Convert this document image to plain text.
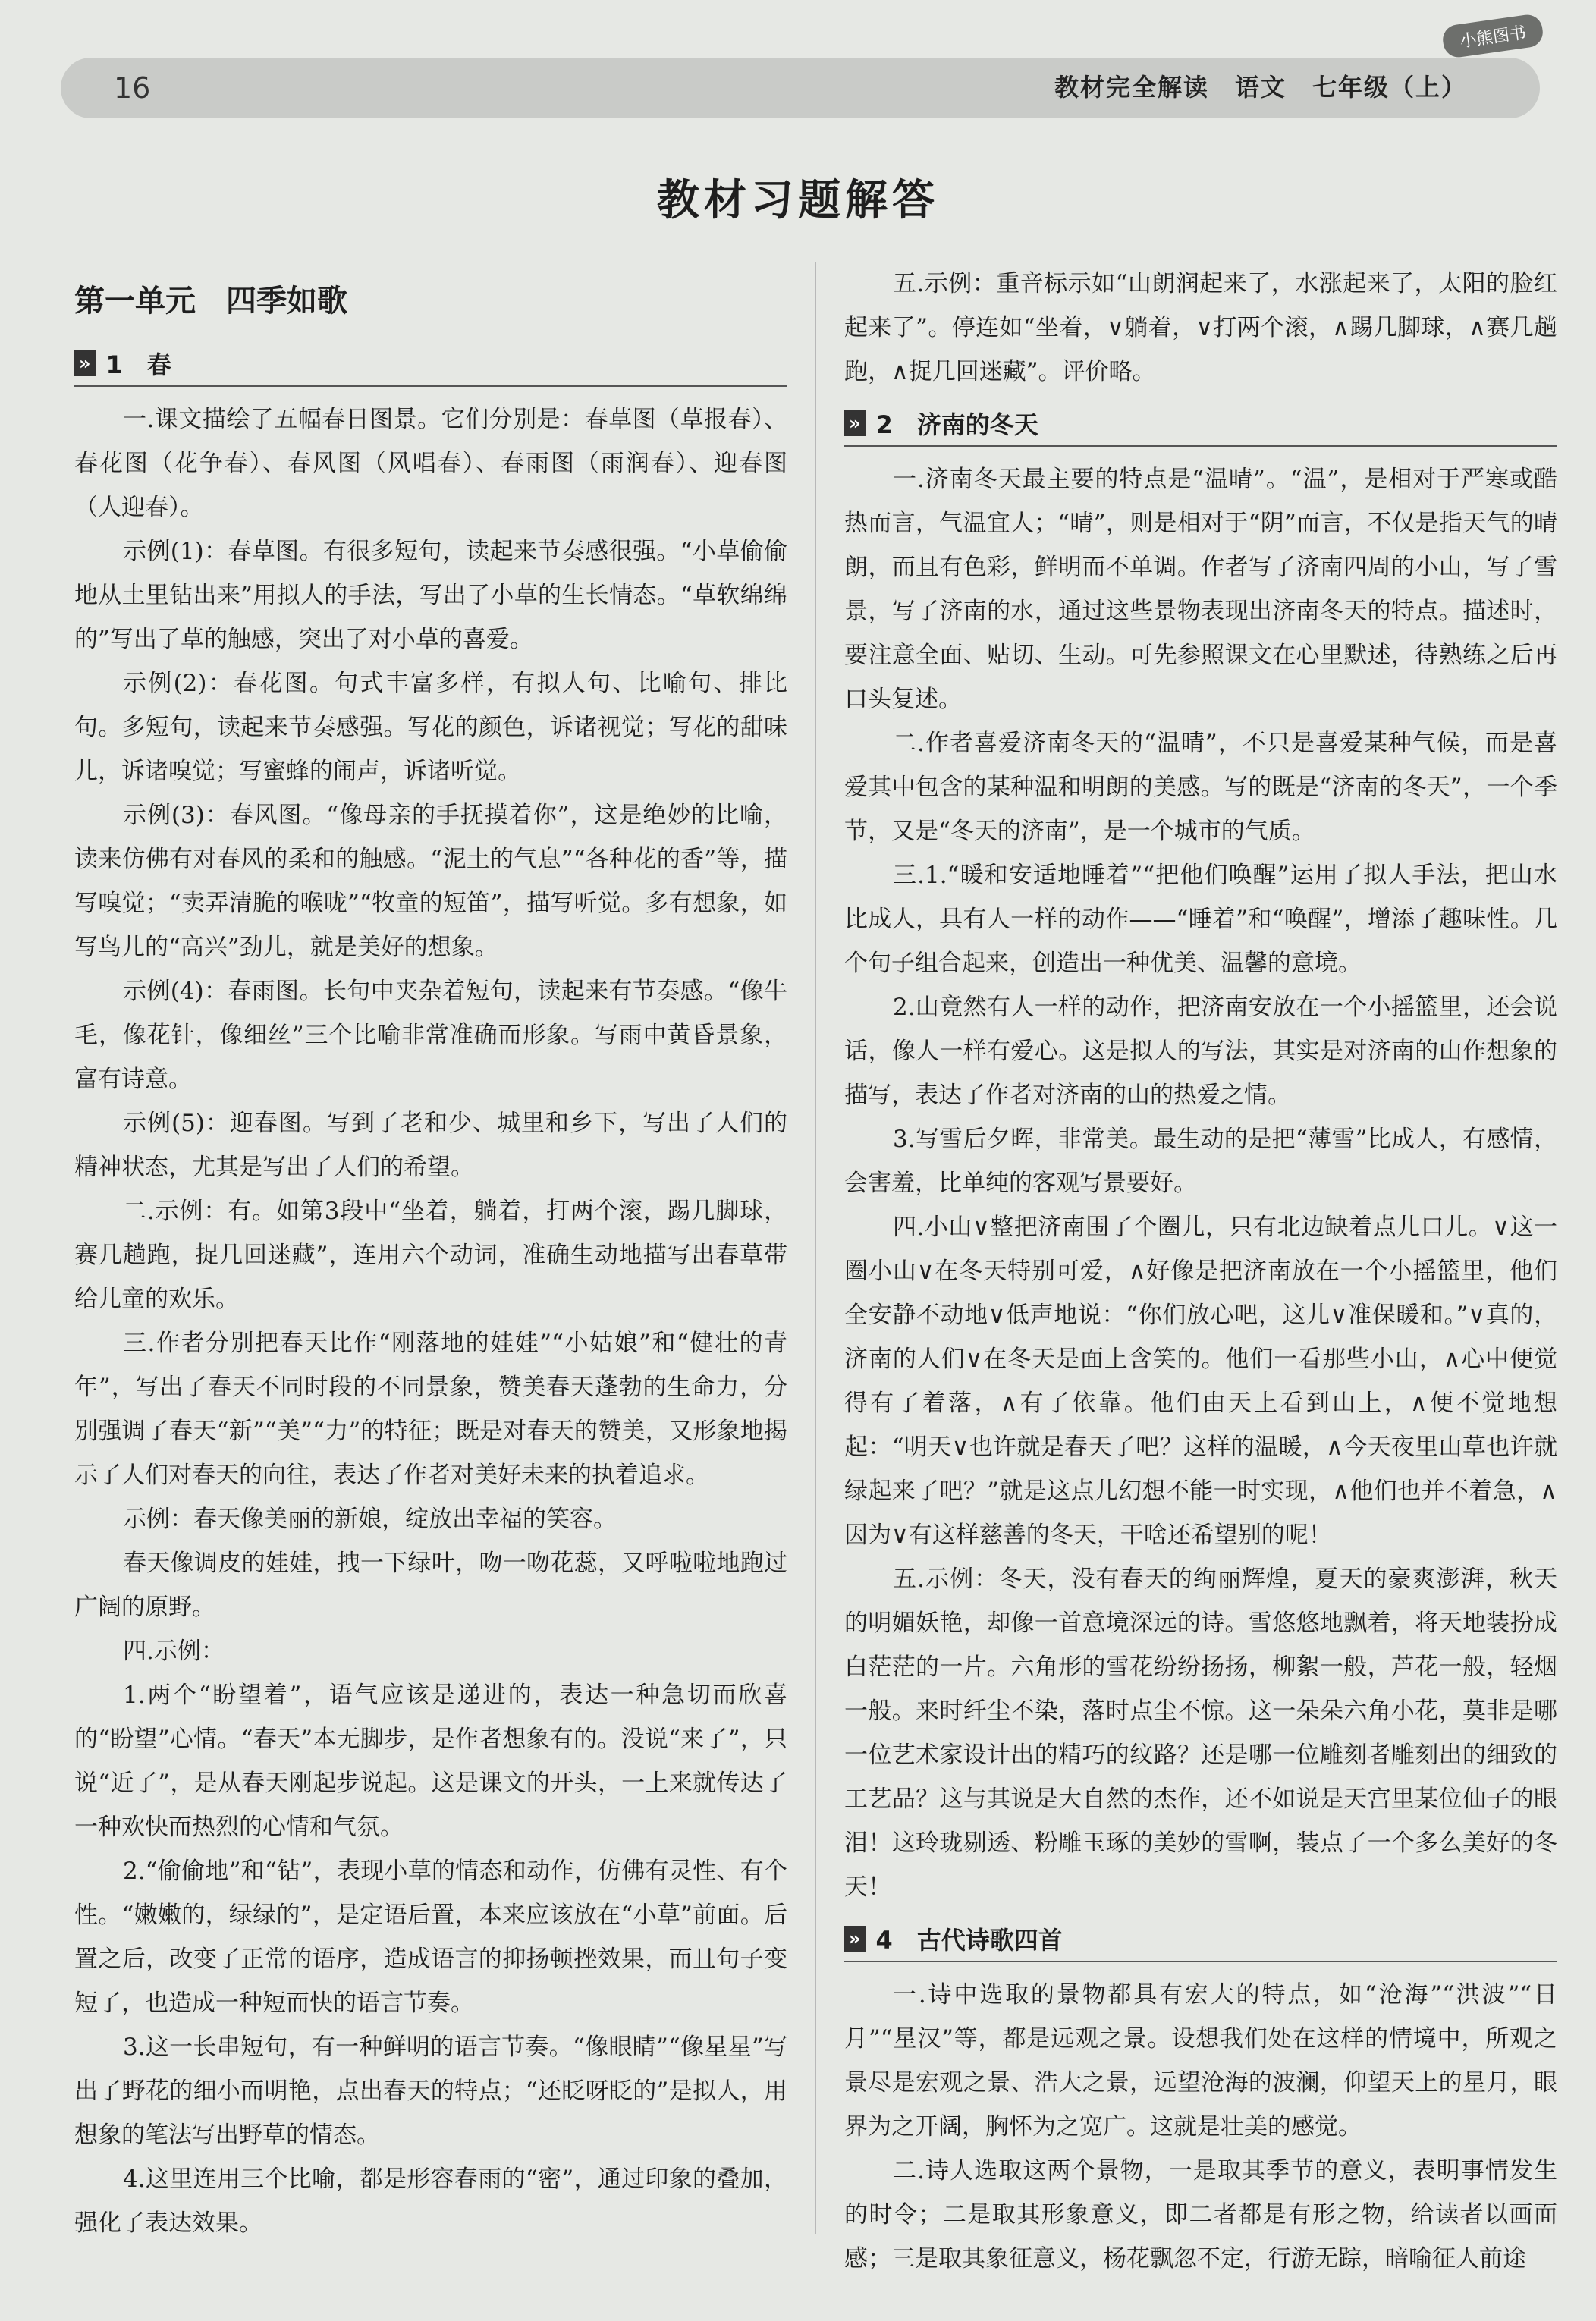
16	教材完全解读　语文　七年级（上）
小熊图书
教材习题解答
第一单元　四季如歌
» 1　春

一.课文描绘了五幅春日图景。它们分别是：春草图（草报春）、春花图（花争春）、春风图（风唱春）、春雨图（雨润春）、迎春图（人迎春）。

示例(1)：春草图。有很多短句，读起来节奏感很强。“小草偷偷地从土里钻出来”用拟人的手法，写出了小草的生长情态。“草软绵绵的”写出了草的触感，突出了对小草的喜爱。

示例(2)：春花图。句式丰富多样，有拟人句、比喻句、排比句。多短句，读起来节奏感强。写花的颜色，诉诸视觉；写花的甜味儿，诉诸嗅觉；写蜜蜂的闹声，诉诸听觉。

示例(3)：春风图。“像母亲的手抚摸着你”，这是绝妙的比喻，读来仿佛有对春风的柔和的触感。“泥土的气息”“各种花的香”等，描写嗅觉；“卖弄清脆的喉咙”“牧童的短笛”，描写听觉。多有想象，如写鸟儿的“高兴”劲儿，就是美好的想象。

示例(4)：春雨图。长句中夹杂着短句，读起来有节奏感。“像牛毛，像花针，像细丝”三个比喻非常准确而形象。写雨中黄昏景象，富有诗意。

示例(5)：迎春图。写到了老和少、城里和乡下，写出了人们的精神状态，尤其是写出了人们的希望。

二.示例：有。如第3段中“坐着，躺着，打两个滚，踢几脚球，赛几趟跑，捉几回迷藏”，连用六个动词，准确生动地描写出春草带给儿童的欢乐。

三.作者分别把春天比作“刚落地的娃娃”“小姑娘”和“健壮的青年”，写出了春天不同时段的不同景象，赞美春天蓬勃的生命力，分别强调了春天“新”“美”“力”的特征；既是对春天的赞美，又形象地揭示了人们对春天的向往，表达了作者对美好未来的执着追求。

示例：春天像美丽的新娘，绽放出幸福的笑容。

春天像调皮的娃娃，拽一下绿叶，吻一吻花蕊，又呼啦啦地跑过广阔的原野。

四.示例：

1.两个“盼望着”，语气应该是递进的，表达一种急切而欣喜的“盼望”心情。“春天”本无脚步，是作者想象有的。没说“来了”，只说“近了”，是从春天刚起步说起。这是课文的开头，一上来就传达了一种欢快而热烈的心情和气氛。

2.“偷偷地”和“钻”，表现小草的情态和动作，仿佛有灵性、有个性。“嫩嫩的，绿绿的”，是定语后置，本来应该放在“小草”前面。后置之后，改变了正常的语序，造成语言的抑扬顿挫效果，而且句子变短了，也造成一种短而快的语言节奏。

3.这一长串短句，有一种鲜明的语言节奏。“像眼睛”“像星星”写出了野花的细小而明艳，点出春天的特点；“还眨呀眨的”是拟人，用想象的笔法写出野草的情态。

4.这里连用三个比喻，都是形容春雨的“密”，通过印象的叠加，强化了表达效果。

五.示例：重音标示如“山朗润起来了，水涨起来了，太阳的脸红起来了”。停连如“坐着，∨躺着，∨打两个滚，∧踢几脚球，∧赛几趟跑，∧捉几回迷藏”。评价略。

» 2　济南的冬天

一.济南冬天最主要的特点是“温晴”。“温”，是相对于严寒或酷热而言，气温宜人；“晴”，则是相对于“阴”而言，不仅是指天气的晴朗，而且有色彩，鲜明而不单调。作者写了济南四周的小山，写了雪景，写了济南的水，通过这些景物表现出济南冬天的特点。描述时，要注意全面、贴切、生动。可先参照课文在心里默述，待熟练之后再口头复述。

二.作者喜爱济南冬天的“温晴”，不只是喜爱某种气候，而是喜爱其中包含的某种温和明朗的美感。写的既是“济南的冬天”，一个季节，又是“冬天的济南”，是一个城市的气质。

三.1.“暖和安适地睡着”“把他们唤醒”运用了拟人手法，把山水比成人，具有人一样的动作——“睡着”和“唤醒”，增添了趣味性。几个句子组合起来，创造出一种优美、温馨的意境。

2.山竟然有人一样的动作，把济南安放在一个小摇篮里，还会说话，像人一样有爱心。这是拟人的写法，其实是对济南的山作想象的描写，表达了作者对济南的山的热爱之情。

3.写雪后夕晖，非常美。最生动的是把“薄雪”比成人，有感情，会害羞，比单纯的客观写景要好。

四.小山∨整把济南围了个圈儿，只有北边缺着点儿口儿。∨这一圈小山∨在冬天特别可爱，∧好像是把济南放在一个小摇篮里，他们全安静不动地∨低声地说：“你们放心吧，这儿∨准保暖和。”∨真的，济南的人们∨在冬天是面上含笑的。他们一看那些小山，∧心中便觉得有了着落，∧有了依靠。他们由天上看到山上，∧便不觉地想起：“明天∨也许就是春天了吧？这样的温暖，∧今天夜里山草也许就绿起来了吧？”就是这点儿幻想不能一时实现，∧他们也并不着急，∧因为∨有这样慈善的冬天，干啥还希望别的呢！

五.示例：冬天，没有春天的绚丽辉煌，夏天的豪爽澎湃，秋天的明媚妖艳，却像一首意境深远的诗。雪悠悠地飘着，将天地装扮成白茫茫的一片。六角形的雪花纷纷扬扬，柳絮一般，芦花一般，轻烟一般。来时纤尘不染，落时点尘不惊。这一朵朵六角小花，莫非是哪一位艺术家设计出的精巧的纹路？还是哪一位雕刻者雕刻出的细致的工艺品？这与其说是大自然的杰作，还不如说是天宫里某位仙子的眼泪！这玲珑剔透、粉雕玉琢的美妙的雪啊，装点了一个多么美好的冬天！

» 4　古代诗歌四首

一.诗中选取的景物都具有宏大的特点，如“沧海”“洪波”“日月”“星汉”等，都是远观之景。设想我们处在这样的情境中，所观之景尽是宏观之景、浩大之景，远望沧海的波澜，仰望天上的星月，眼界为之开阔，胸怀为之宽广。这就是壮美的感觉。

二.诗人选取这两个景物，一是取其季节的意义，表明事情发生的时令；二是取其形象意义，即二者都是有形之物，给读者以画面感；三是取其象征意义，杨花飘忽不定，行游无踪，暗喻征人前途
